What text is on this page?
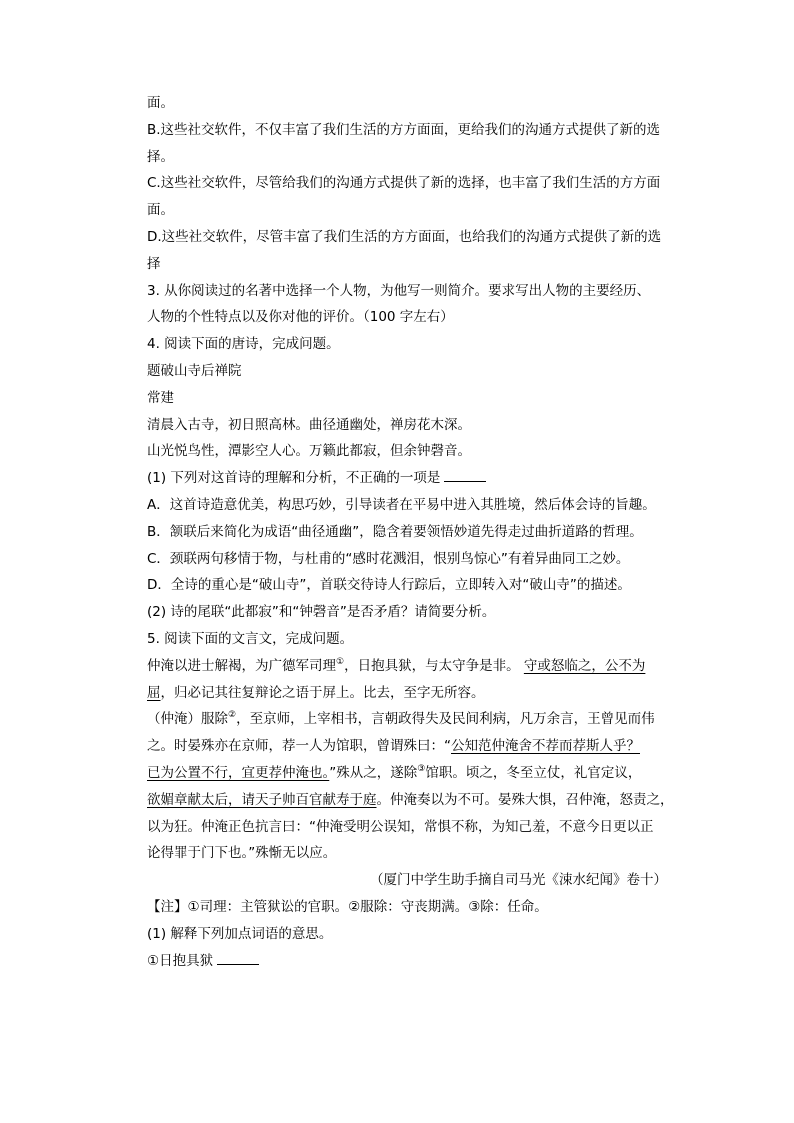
面。
B.这些社交软件，不仅丰富了我们生活的方方面面，更给我们的沟通方式提供了新的选
择。
C.这些社交软件，尽管给我们的沟通方式提供了新的选择，也丰富了我们生活的方方面
面。
D.这些社交软件，尽管丰富了我们生活的方方面面，也给我们的沟通方式提供了新的选
择
3. 从你阅读过的名著中选择一个人物，为他写一则简介。要求写出人物的主要经历、
人物的个性特点以及你对他的评价。（100 字左右）
4. 阅读下面的唐诗，完成问题。
题破山寺后禅院
常建
清晨入古寺，初日照高林。曲径通幽处，禅房花木深。
山光悦鸟性，潭影空人心。万籁此都寂，但余钟磬音。
(1) 下列对这首诗的理解和分析，不正确的一项是
A．这首诗造意优美，构思巧妙，引导读者在平易中进入其胜境，然后体会诗的旨趣。
B．颔联后来简化为成语“曲径通幽”，隐含着要领悟妙道先得走过曲折道路的哲理。
C．颈联两句移情于物，与杜甫的“感时花溅泪，恨别鸟惊心”有着异曲同工之妙。
D．全诗的重心是“破山寺”，首联交待诗人行踪后，立即转入对“破山寺”的描述。
(2) 诗的尾联“此都寂”和“钟磬音”是否矛盾？请简要分析。
5. 阅读下面的文言文，完成问题。
仲淹以进士解褐，为广德军司理①，日抱具狱，与太守争是非。 守或怒临之，公不为
屈，归必记其往复辩论之语于屏上。比去，至字无所容。
（仲淹）服除②，至京师，上宰相书，言朝政得失及民间利病，凡万余言，王曾见而伟
之。时晏殊亦在京师，荐一人为馆职，曾谓殊曰：“公知范仲淹舍不荐而荐斯人乎？
已为公置不行，宜更荐仲淹也。”殊从之，遂除③馆职。顷之，冬至立仗，礼官定议，
欲媚章献太后，请天子帅百官献寿于庭。仲淹奏以为不可。晏殊大惧，召仲淹，怒责之，
以为狂。仲淹正色抗言曰：“仲淹受明公误知，常惧不称，为知己羞，不意今日更以正
论得罪于门下也。”殊惭无以应。
（厦门中学生助手摘自司马光《涑水纪闻》卷十）
【注】①司理：主管狱讼的官职。②服除：守丧期满。③除：任命。
(1) 解释下列加点词语的意思。
①日抱具狱
